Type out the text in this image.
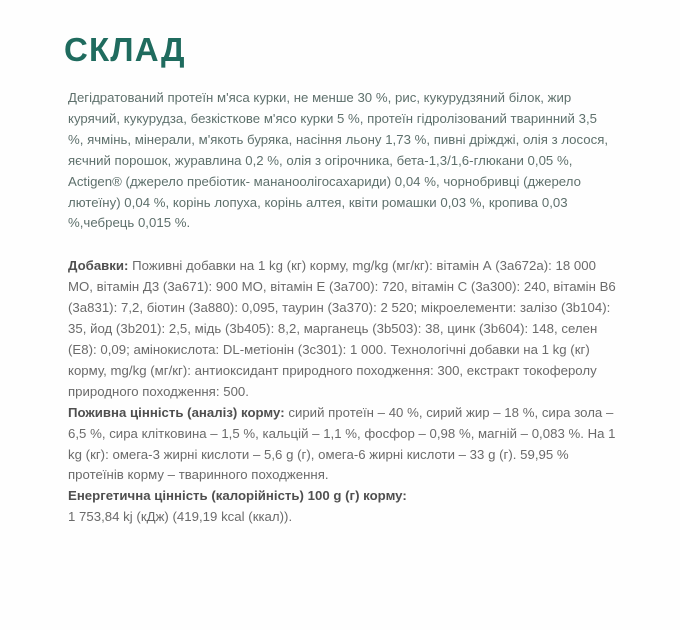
СКЛАД

Дегідратований протеїн м'яса курки, не менше 30 %, рис, кукурудзяний білок, жир курячий, кукурудза, безкісткове м'ясо курки 5 %, протеїн гідролізований тваринний 3,5 %, ячмінь, мінерали, м'якоть буряка, насіння льону 1,73 %, пивні дріжджі, олія з лосося, яєчний порошок, журавлина 0,2 %, олія з огірочника, бета-1,3/1,6-глюкани 0,05 %, Actigen® (джерело пребіотик- мананоолігосахариди) 0,04 %, чорнобривці (джерело лютеїну) 0,04 %, корінь лопуха, корінь алтея, квіти ромашки 0,03 %, кропива 0,03 %,чебрець 0,015 %.

Добавки: Поживні добавки на 1 kg (кг) корму, mg/kg (мг/кг): вітамін А (3а672а): 18 000 МО, вітамін Д3 (3а671): 900 МО, вітамін Е (3а700): 720, вітамін С (3а300): 240, вітамін В6 (3а831): 7,2, біотин (3а880): 0,095, таурин (3а370): 2 520; мікроелементи: залізо (3b104): 35, йод (3b201): 2,5, мідь (3b405): 8,2, марганець (3b503): 38, цинк (3b604): 148, селен (Е8): 0,09; амінокислота: DL-метіонін (3с301): 1 000. Технологічні добавки на 1 kg (кг) корму, mg/kg (мг/кг): антиоксидант природного походження: 300, екстракт токоферолу природного походження: 500.

Поживна цінність (аналіз) корму: сирий протеїн – 40 %, сирий жир – 18 %, сира зола – 6,5 %, сира клітковина – 1,5 %, кальцій – 1,1 %, фосфор – 0,98 %, магній – 0,083 %. На 1 kg (кг): омега-3 жирні кислоти – 5,6 g (г), омега-6 жирні кислоти – 33 g (г). 59,95 % протеїнів корму – тваринного походження.

Енергетична цінність (калорійність) 100 g (г) корму:
1 753,84 kj (кДж) (419,19 kcal (ккал)).
